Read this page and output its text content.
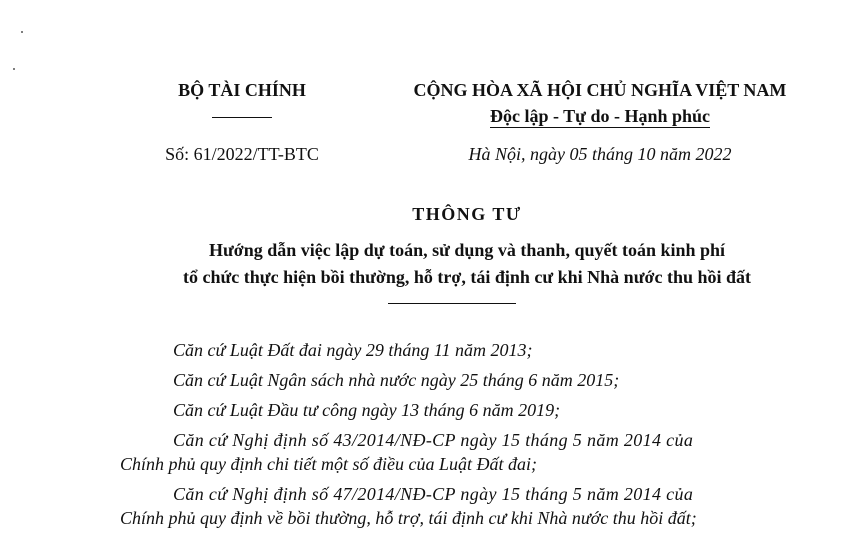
BỘ TÀI CHÍNH
Số: 61/2022/TT-BTC
CỘNG HÒA XÃ HỘI CHỦ NGHĨA VIỆT NAM
Độc lập - Tự do - Hạnh phúc
Hà Nội, ngày 05 tháng 10 năm 2022
THÔNG TƯ
Hướng dẫn việc lập dự toán, sử dụng và thanh, quyết toán kinh phí
tổ chức thực hiện bồi thường, hỗ trợ, tái định cư khi Nhà nước thu hồi đất
Căn cứ Luật Đất đai ngày 29 tháng 11 năm 2013;
Căn cứ Luật Ngân sách nhà nước ngày 25 tháng 6 năm 2015;
Căn cứ Luật Đầu tư công ngày 13 tháng 6 năm 2019;
Căn cứ Nghị định số 43/2014/NĐ-CP ngày 15 tháng 5 năm 2014 của
Chính phủ quy định chi tiết một số điều của Luật Đất đai;
Căn cứ Nghị định số 47/2014/NĐ-CP ngày 15 tháng 5 năm 2014 của
Chính phủ quy định về bồi thường, hỗ trợ, tái định cư khi Nhà nước thu hồi đất;
